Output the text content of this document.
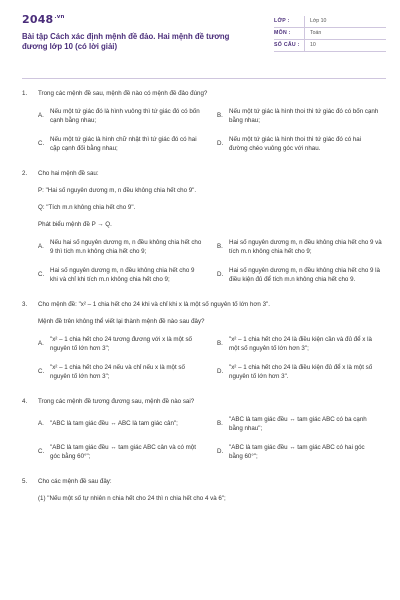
$2048^{.vn}$
Bài tập Cách xác định mệnh đề đảo. Hai mệnh đề tương đương lớp 10 (có lời giải)
LỚP :	Lớp 10
MÔN :	Toán
SỐ CÂU :	10
1.	Trong các mệnh đề sau, mệnh đề nào có mệnh đề đảo đúng?
A.
Nếu một tứ giác đó là hình vuông thì tứ giác đó có bốn cạnh bằng nhau;
B.
Nếu một tứ giác là hình thoi thì tứ giác đó có bốn cạnh bằng nhau;
C.
Nếu một tứ giác là hình chữ nhật thì tứ giác đó có hai cặp cạnh đối bằng nhau;
D.
Nếu một tứ giác là hình thoi thì tứ giác đó có hai đường chéo vuông góc với nhau.
2.	Cho hai mệnh đề sau:
P: "Hai số nguyên dương m, n đều không chia hết cho 9".
Q: "Tích m.n không chia hết cho 9".
Phát biểu mệnh đề P → Q.
A.
Nếu hai số nguyên dương m, n đều không chia hết cho 9 thì tích m.n không chia hết cho 9;
B.
Hai số nguyên dương m, n đều không chia hết cho 9 và tích m.n không chia hết cho 9;
C.
Hai số nguyên dương m, n đều không chia hết cho 9 khi và chỉ khi tích m.n không chia hết cho 9;
D.
Hai số nguyên dương m, n đều không chia hết cho 9 là điều kiện đủ để tích m.n không chia hết cho 9.
3.	Cho mệnh đề: "x² – 1 chia hết cho 24 khi và chỉ khi x là một số nguyên tố lớn hơn 3".
Mệnh đề trên không thể viết lại thành mệnh đề nào sau đây?
A.
"x² – 1 chia hết cho 24 tương đương với x là một số nguyên tố lớn hơn 3";
B.
"x² – 1 chia hết cho 24 là điều kiện cần và đủ để x là một số nguyên tố lớn hơn 3";
C.
"x² – 1 chia hết cho 24 nếu và chỉ nếu x là một số nguyên tố lớn hơn 3";
D.
"x² – 1 chia hết cho 24 là điều kiện đủ để x là một số nguyên tố lớn hơn 3".
4.	Trong các mệnh đề tương đương sau, mệnh đề nào sai?
A. "ABC là tam giác đều ↔ ABC là tam giác cân";	B.
"ABC là tam giác đều ↔ tam giác ABC có ba cạnh bằng nhau";
C.
"ABC là tam giác đều ↔ tam giác ABC cân và có một góc bằng 60°";
D.
"ABC là tam giác đều ↔ tam giác ABC có hai góc bằng 60°";
5.	Cho các mệnh đề sau đây:
(1) "Nếu một số tự nhiên n chia hết cho 24 thì n chia hết cho 4 và 6";
